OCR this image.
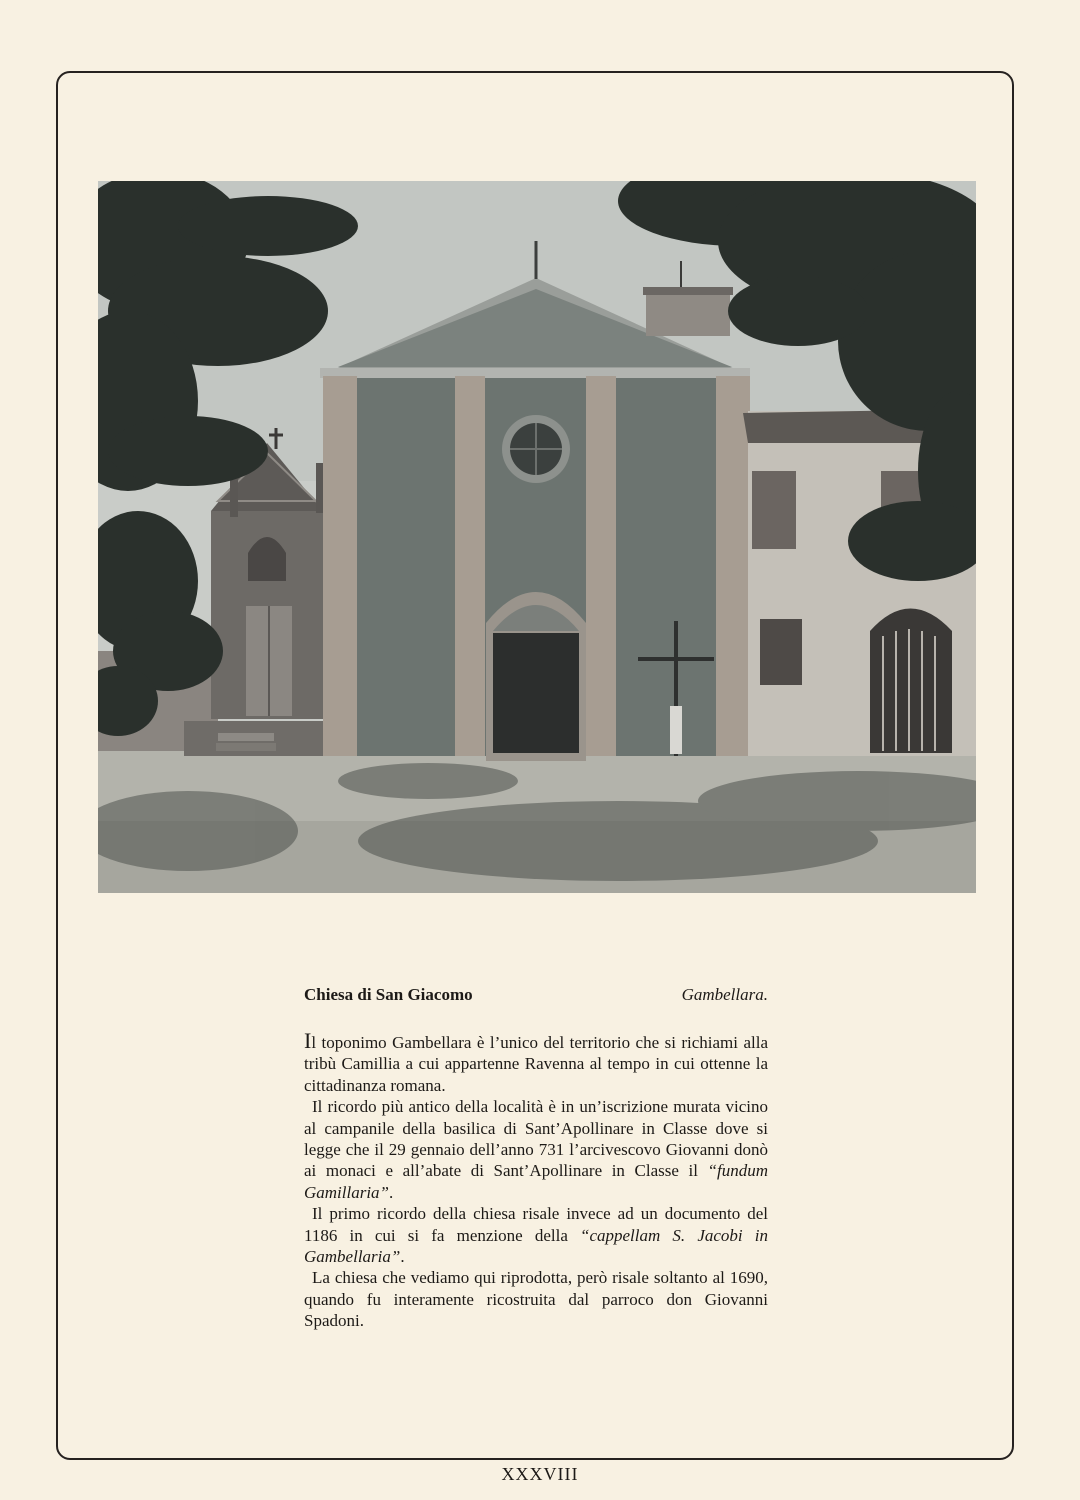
Chiesa di San Giacomo	Gambellara.

Il toponimo Gambellara è l’unico del territorio che si richiami alla tribù Camillia a cui appartenne Ravenna al tempo in cui ottenne la cittadinanza romana.

Il ricordo più antico della località è in un’iscrizione murata vicino al campanile della basilica di Sant’Apollinare in Classe dove si legge che il 29 gennaio dell’anno 731 l’arcivescovo Giovanni donò ai monaci e all’abate di Sant’Apollinare in Classe il “fundum Gamillaria”.

Il primo ricordo della chiesa risale invece ad un documento del 1186 in cui si fa menzione della “cappellam S. Jacobi in Gambellaria”.

La chiesa che vediamo qui riprodotta, però risale soltanto al 1690, quando fu interamente ricostruita dal parroco don Giovanni Spadoni.

XXXVIII
